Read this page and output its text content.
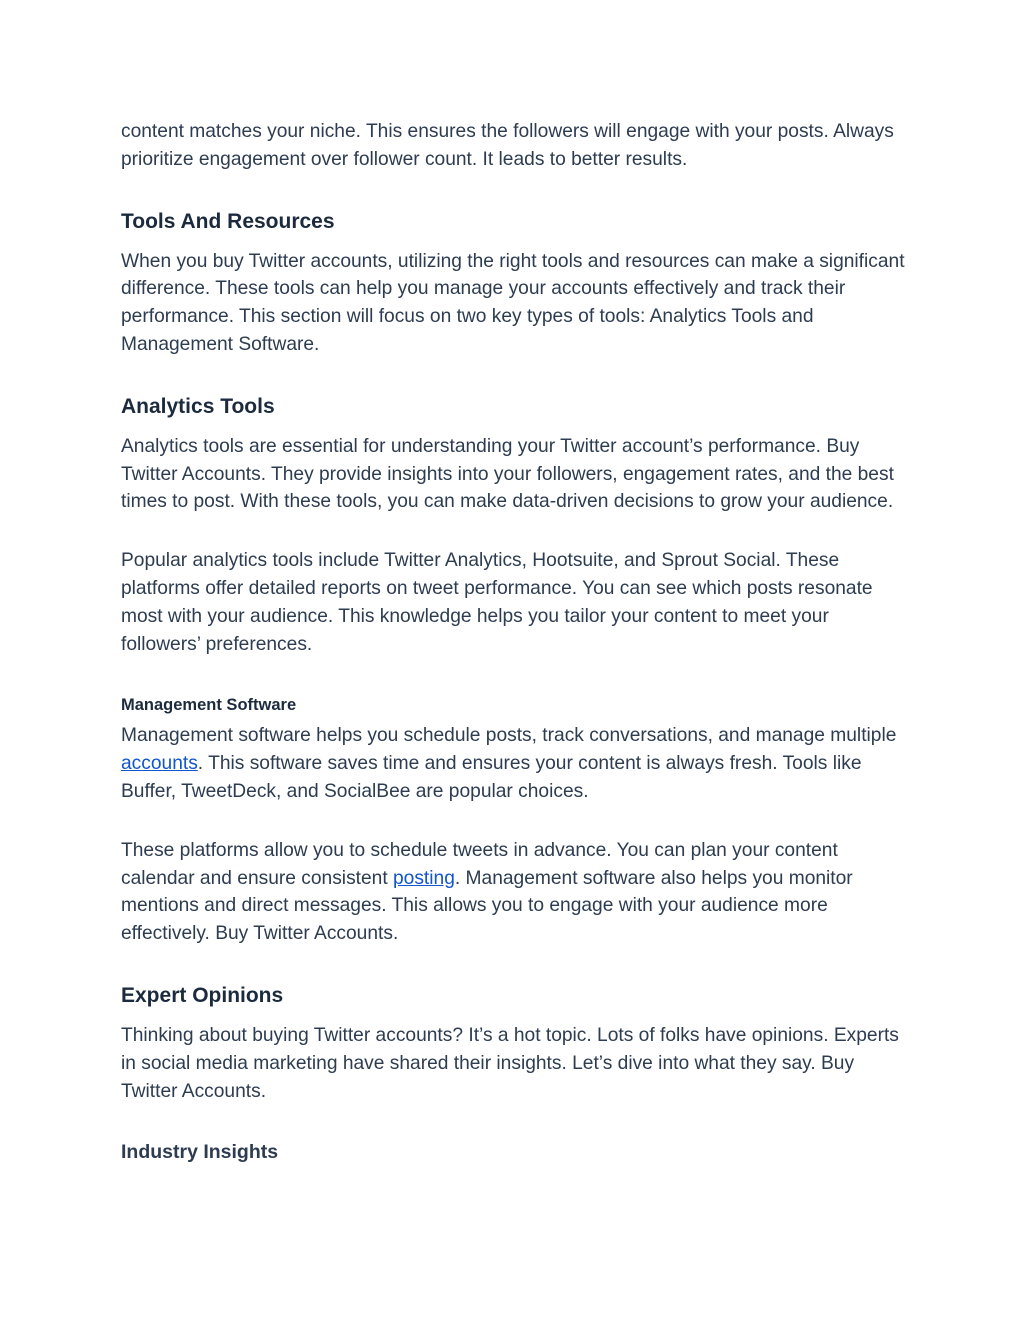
content matches your niche. This ensures the followers will engage with your posts. Always prioritize engagement over follower count. It leads to better results.

Tools And Resources

When you buy Twitter accounts, utilizing the right tools and resources can make a significant difference. These tools can help you manage your accounts effectively and track their performance. This section will focus on two key types of tools: Analytics Tools and Management Software.

Analytics Tools

Analytics tools are essential for understanding your Twitter account’s performance. Buy Twitter Accounts. They provide insights into your followers, engagement rates, and the best times to post. With these tools, you can make data-driven decisions to grow your audience.

Popular analytics tools include Twitter Analytics, Hootsuite, and Sprout Social. These platforms offer detailed reports on tweet performance. You can see which posts resonate most with your audience. This knowledge helps you tailor your content to meet your followers’ preferences.

Management Software

Management software helps you schedule posts, track conversations, and manage multiple accounts. This software saves time and ensures your content is always fresh. Tools like Buffer, TweetDeck, and SocialBee are popular choices.

These platforms allow you to schedule tweets in advance. You can plan your content calendar and ensure consistent posting. Management software also helps you monitor mentions and direct messages. This allows you to engage with your audience more effectively. Buy Twitter Accounts.

Expert Opinions

Thinking about buying Twitter accounts? It’s a hot topic. Lots of folks have opinions. Experts in social media marketing have shared their insights. Let’s dive into what they say. Buy Twitter Accounts.

Industry Insights
